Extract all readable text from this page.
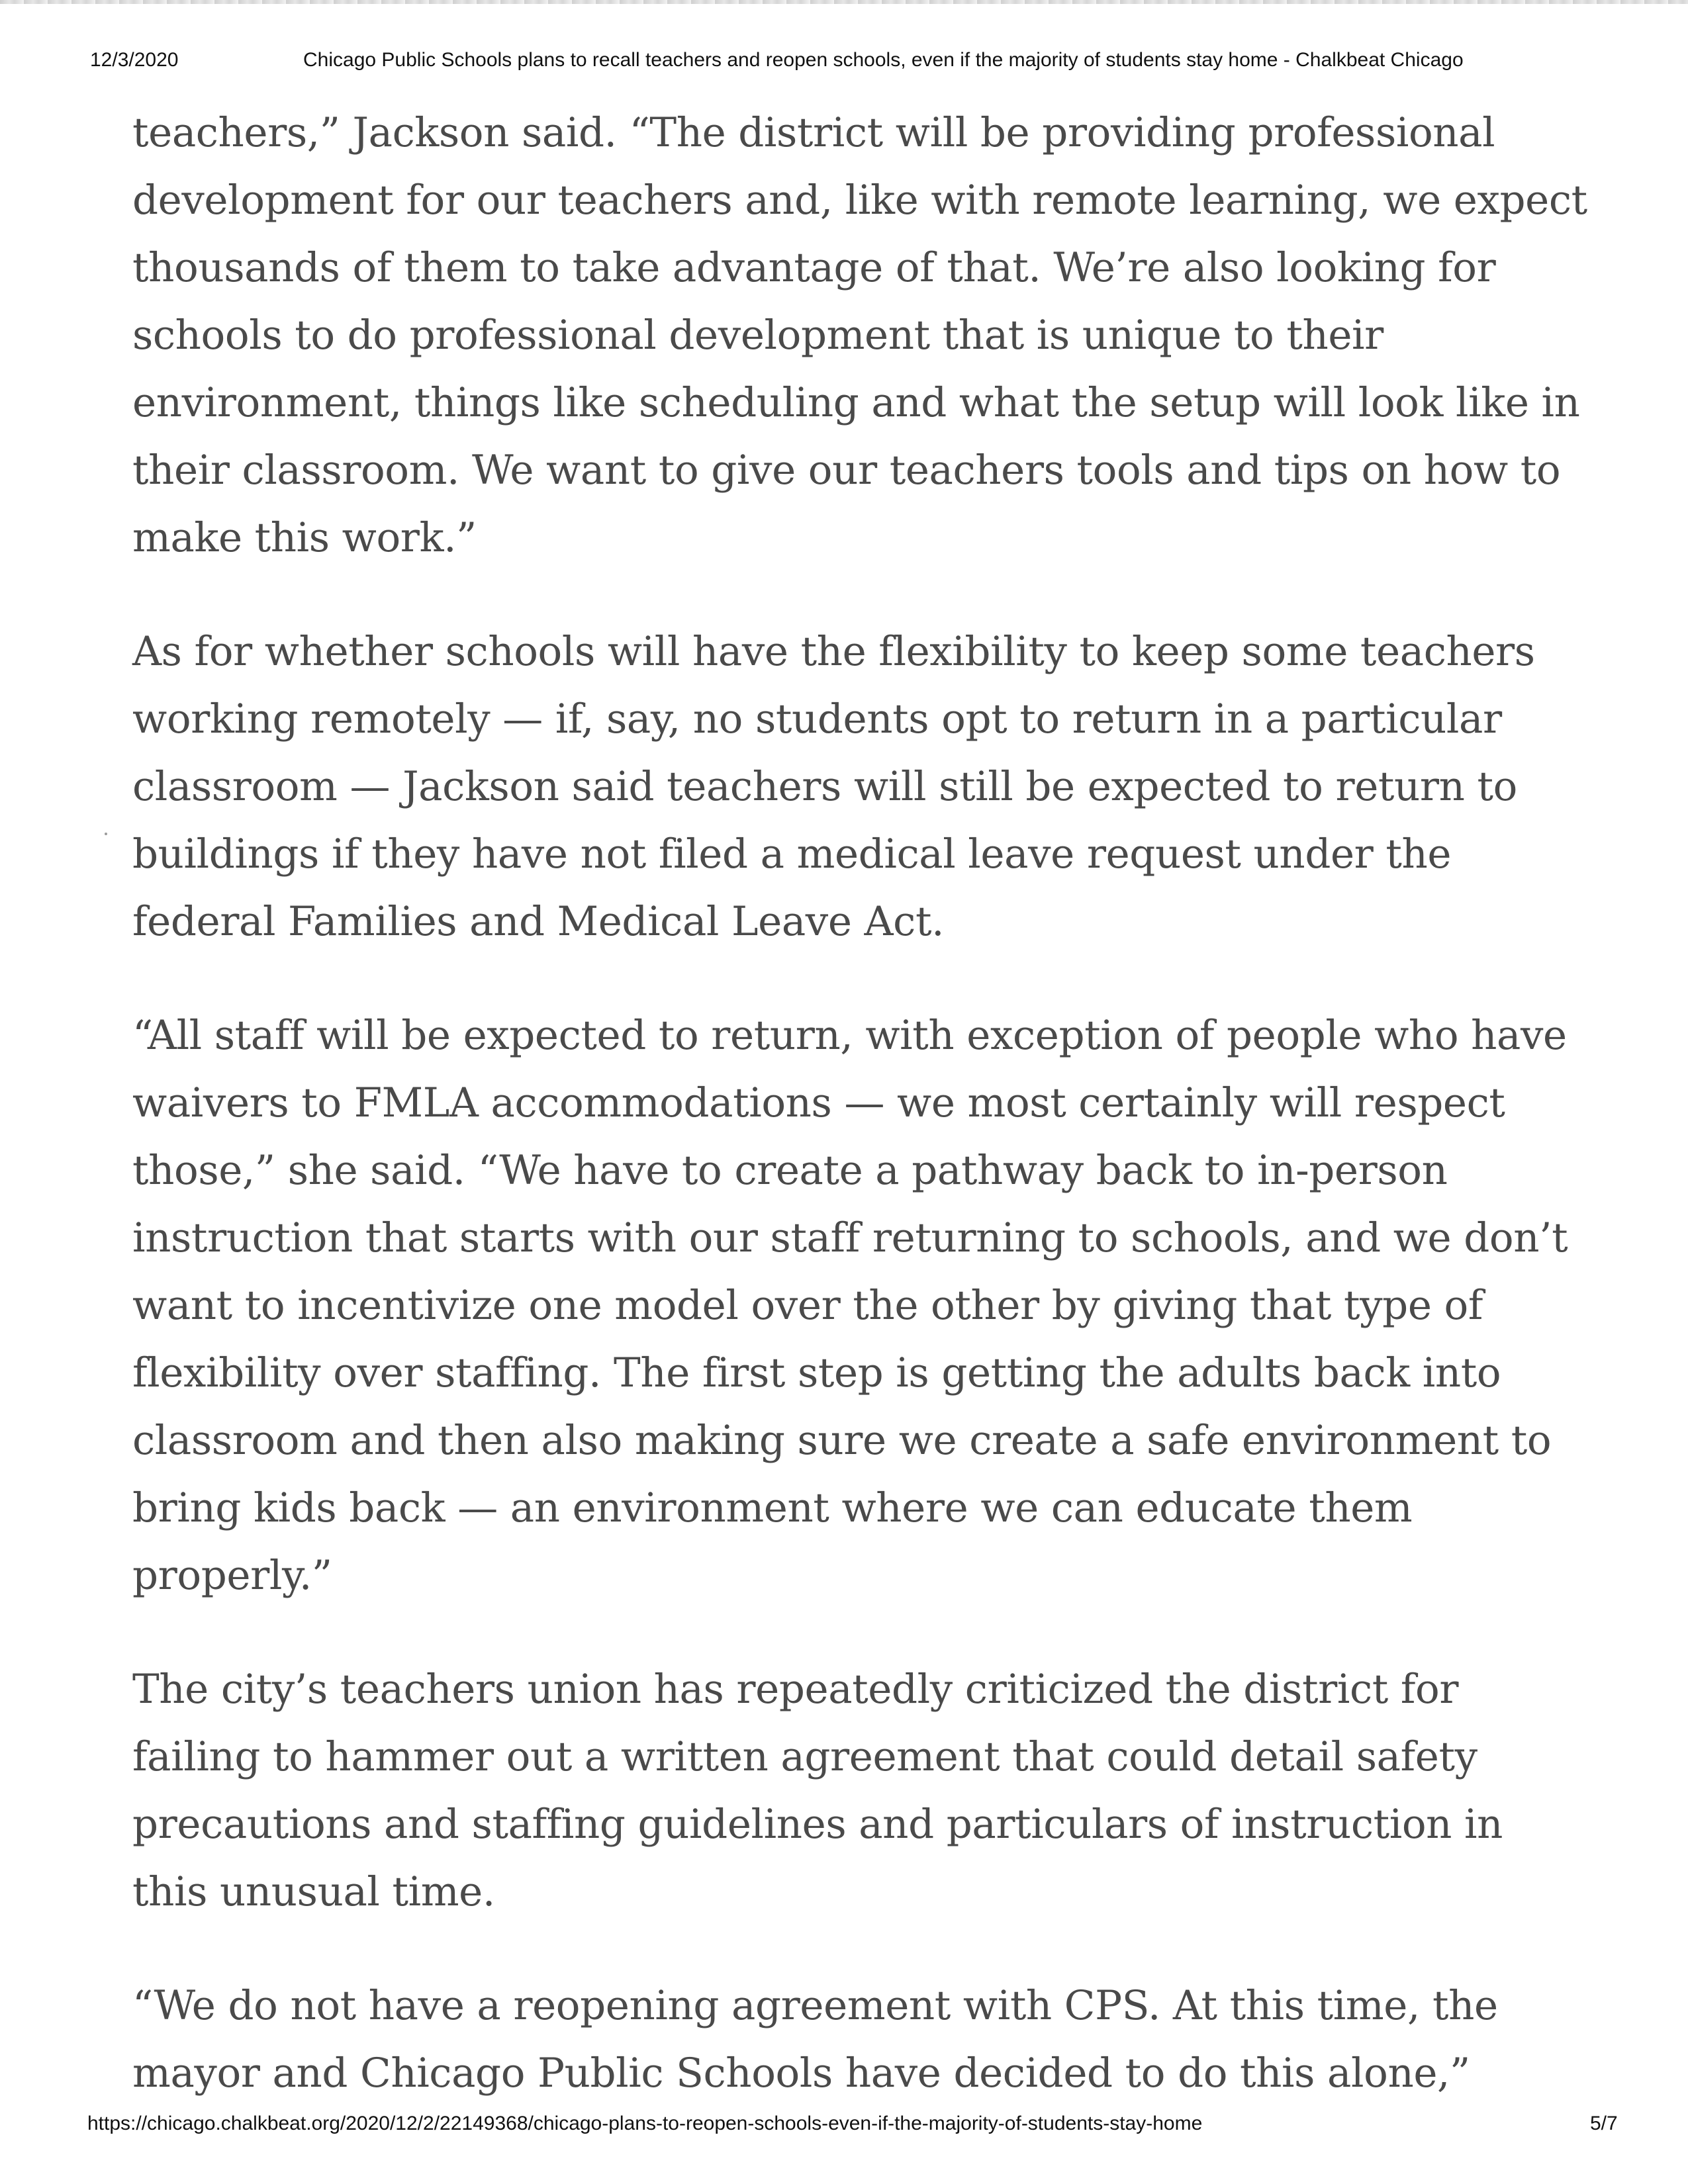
12/3/2020	Chicago Public Schools plans to recall teachers and reopen schools, even if the majority of students stay home - Chalkbeat Chicago

teachers,” Jackson said. “The district will be providing professional development for our teachers and, like with remote learning, we expect thousands of them to take advantage of that. We’re also looking for schools to do professional development that is unique to their environment, things like scheduling and what the setup will look like in their classroom. We want to give our teachers tools and tips on how to make this work.”

As for whether schools will have the flexibility to keep some teachers working remotely — if, say, no students opt to return in a particular classroom — Jackson said teachers will still be expected to return to buildings if they have not filed a medical leave request under the federal Families and Medical Leave Act.

“All staff will be expected to return, with exception of people who have waivers to FMLA accommodations — we most certainly will respect those,” she said. “We have to create a pathway back to in-person instruction that starts with our staff returning to schools, and we don’t want to incentivize one model over the other by giving that type of flexibility over staffing. The first step is getting the adults back into classroom and then also making sure we create a safe environment to bring kids back — an environment where we can educate them properly.”

The city’s teachers union has repeatedly criticized the district for failing to hammer out a written agreement that could detail safety precautions and staffing guidelines and particulars of instruction in this unusual time.

“We do not have a reopening agreement with CPS. At this time, the mayor and Chicago Public Schools have decided to do this alone,”

https://chicago.chalkbeat.org/2020/12/2/22149368/chicago-plans-to-reopen-schools-even-if-the-majority-of-students-stay-home	5/7
